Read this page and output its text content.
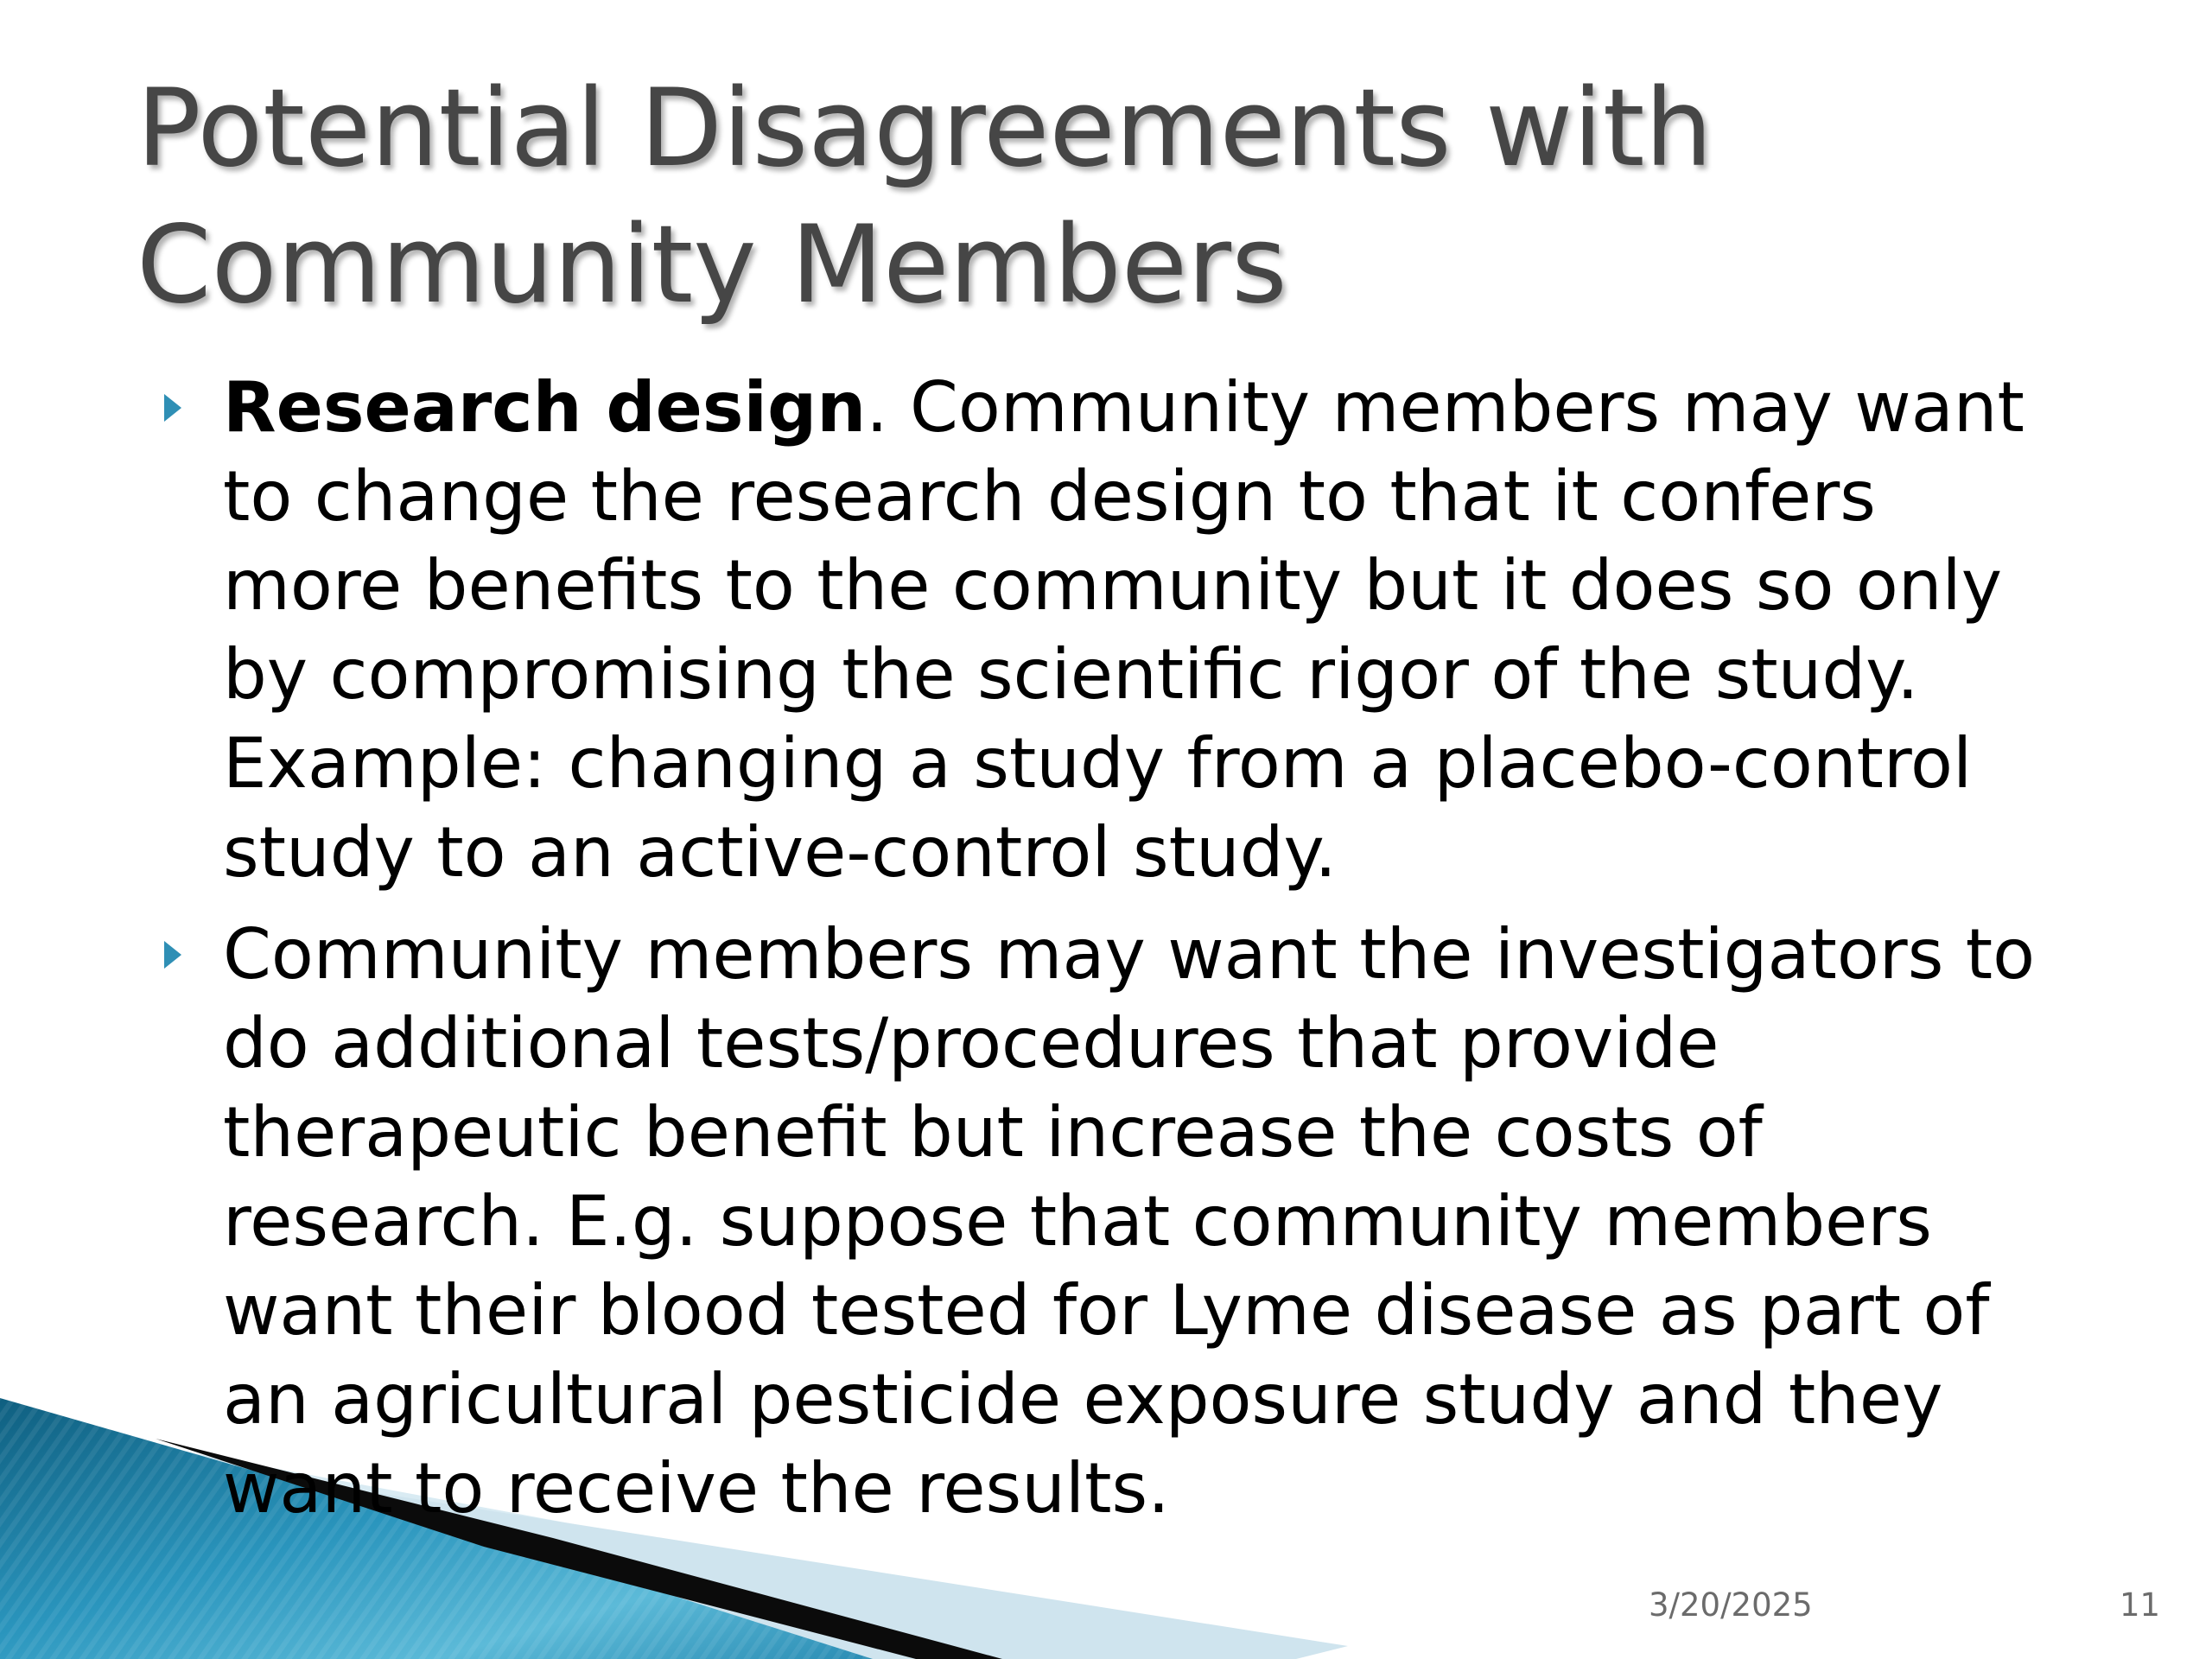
Potential Disagreements with
Community Members
Research design. Community members may want
to change the research design to that it confers
more benefits to the community but it does so only
by compromising the scientific rigor of the study.
Example: changing a study from a placebo-control
study to an active-control study.
Community members may want the investigators to
do additional tests/procedures that provide
therapeutic benefit but increase the costs of
research. E.g. suppose that community members
want their blood tested for Lyme disease as part of
an agricultural pesticide exposure study and they
want to receive the results.
3/20/2025	11
